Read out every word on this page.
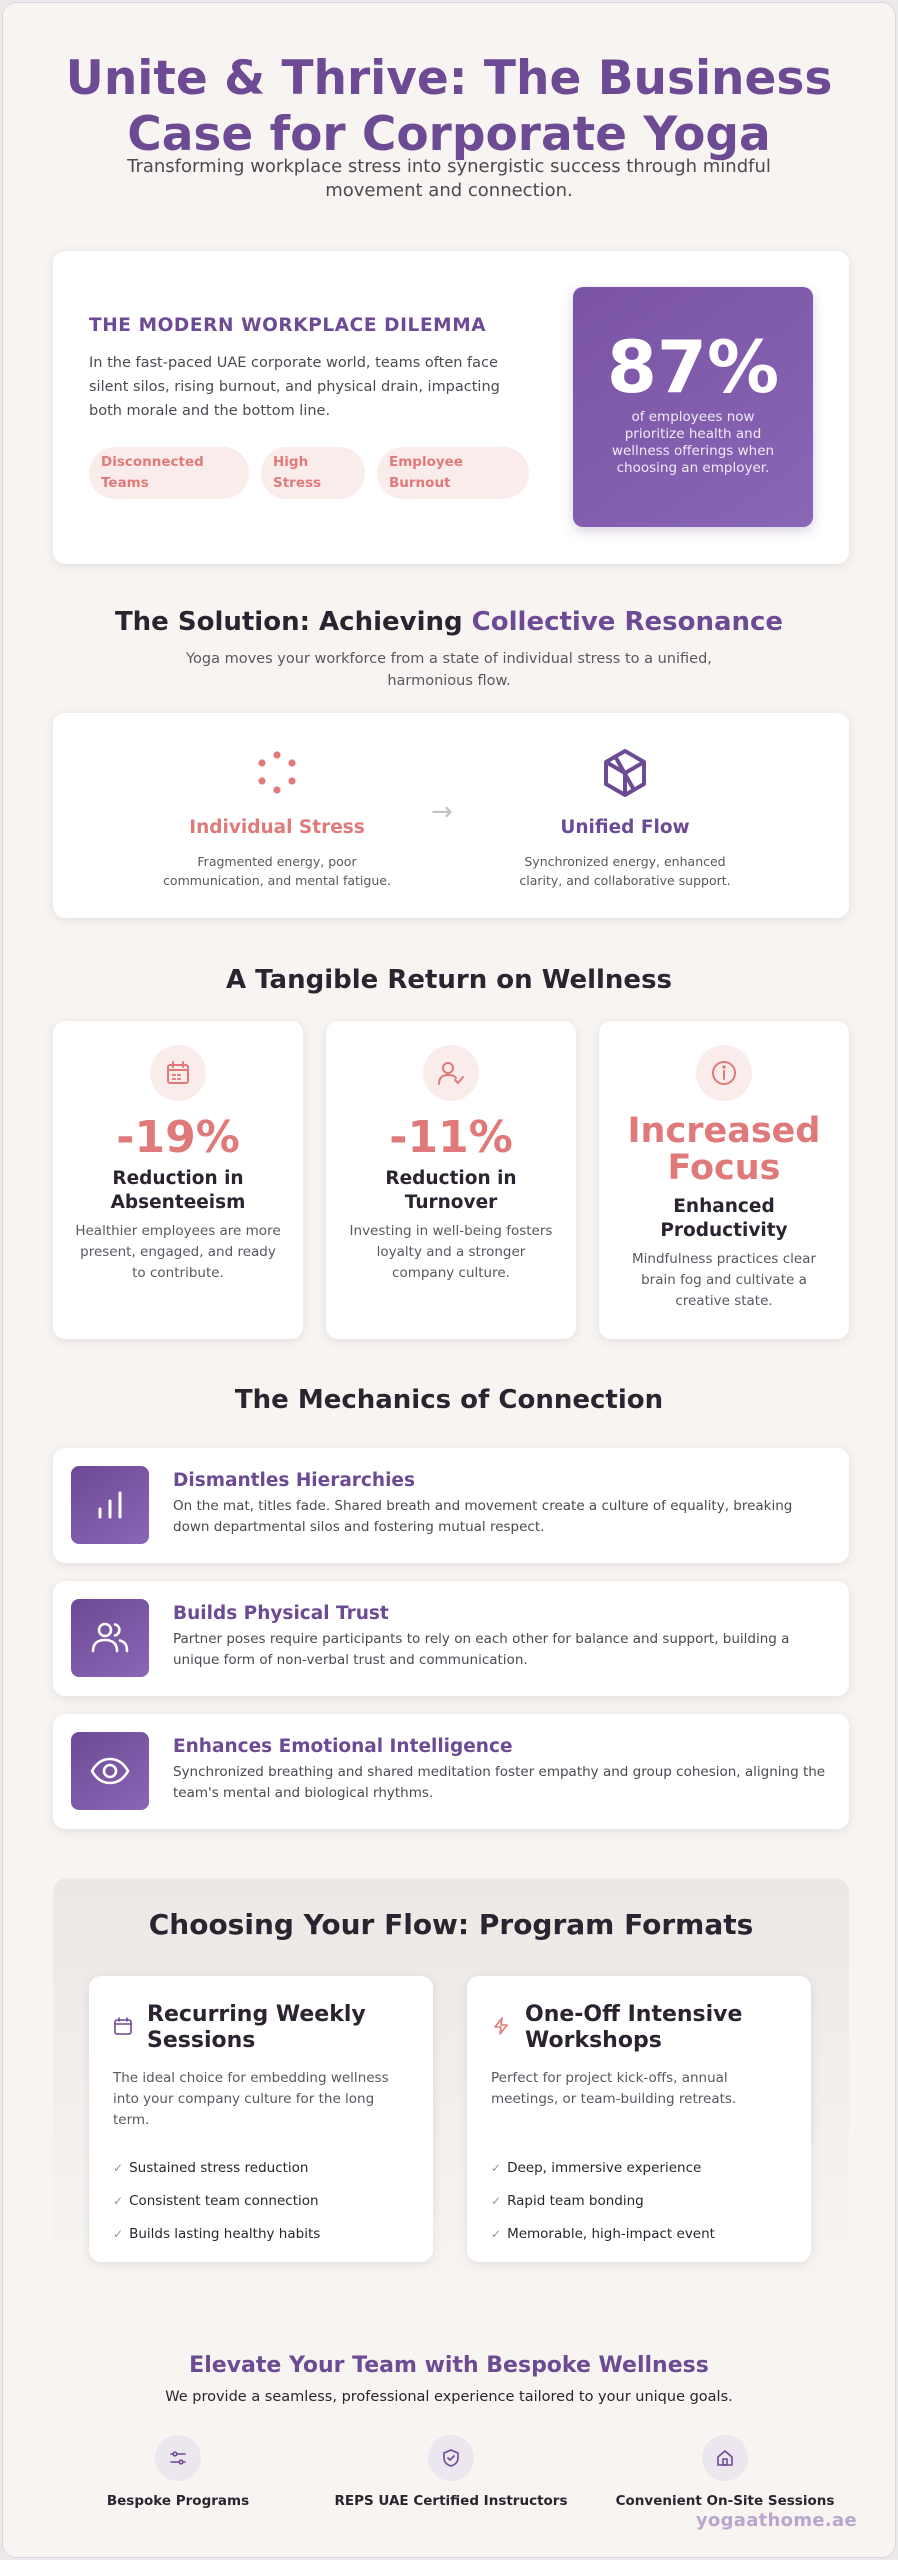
Unite & Thrive: The Business Case for Corporate Yoga

Transforming workplace stress into synergistic success through mindful movement and connection.

THE MODERN WORKPLACE DILEMMA

In the fast-paced UAE corporate world, teams often face silent silos, rising burnout, and physical drain, impacting both morale and the bottom line.

Disconnected Teams
High Stress
Employee Burnout
87%
of employees now prioritize health and wellness offerings when choosing an employer.
The Solution: Achieving Collective Resonance

Yoga moves your workforce from a state of individual stress to a unified, harmonious flow.

Individual Stress

Fragmented energy, poor communication, and mental fatigue.

→
Unified Flow

Synchronized energy, enhanced clarity, and collaborative support.

A Tangible Return on Wellness
-19%
Reduction in Absenteeism

Healthier employees are more present, engaged, and ready to contribute.

-11%
Reduction in Turnover

Investing in well-being fosters loyalty and a stronger company culture.

Increased Focus
Enhanced Productivity

Mindfulness practices clear brain fog and cultivate a creative state.

The Mechanics of Connection
Dismantles Hierarchies

On the mat, titles fade. Shared breath and movement create a culture of equality, breaking down departmental silos and fostering mutual respect.

Builds Physical Trust

Partner poses require participants to rely on each other for balance and support, building a unique form of non-verbal trust and communication.

Enhances Emotional Intelligence

Synchronized breathing and shared meditation foster empathy and group cohesion, aligning the team's mental and biological rhythms.

Choosing Your Flow: Program Formats
Recurring Weekly Sessions

The ideal choice for embedding wellness into your company culture for the long term.

✓ Sustained stress reduction
✓ Consistent team connection
✓ Builds lasting healthy habits
One-Off Intensive Workshops

Perfect for project kick-offs, annual meetings, or team-building retreats.

✓ Deep, immersive experience
✓ Rapid team bonding
✓ Memorable, high-impact event
Elevate Your Team with Bespoke Wellness

We provide a seamless, professional experience tailored to your unique goals.

Bespoke Programs	REPS UAE Certified Instructors	Convenient On-Site Sessions
yogaathome.ae
